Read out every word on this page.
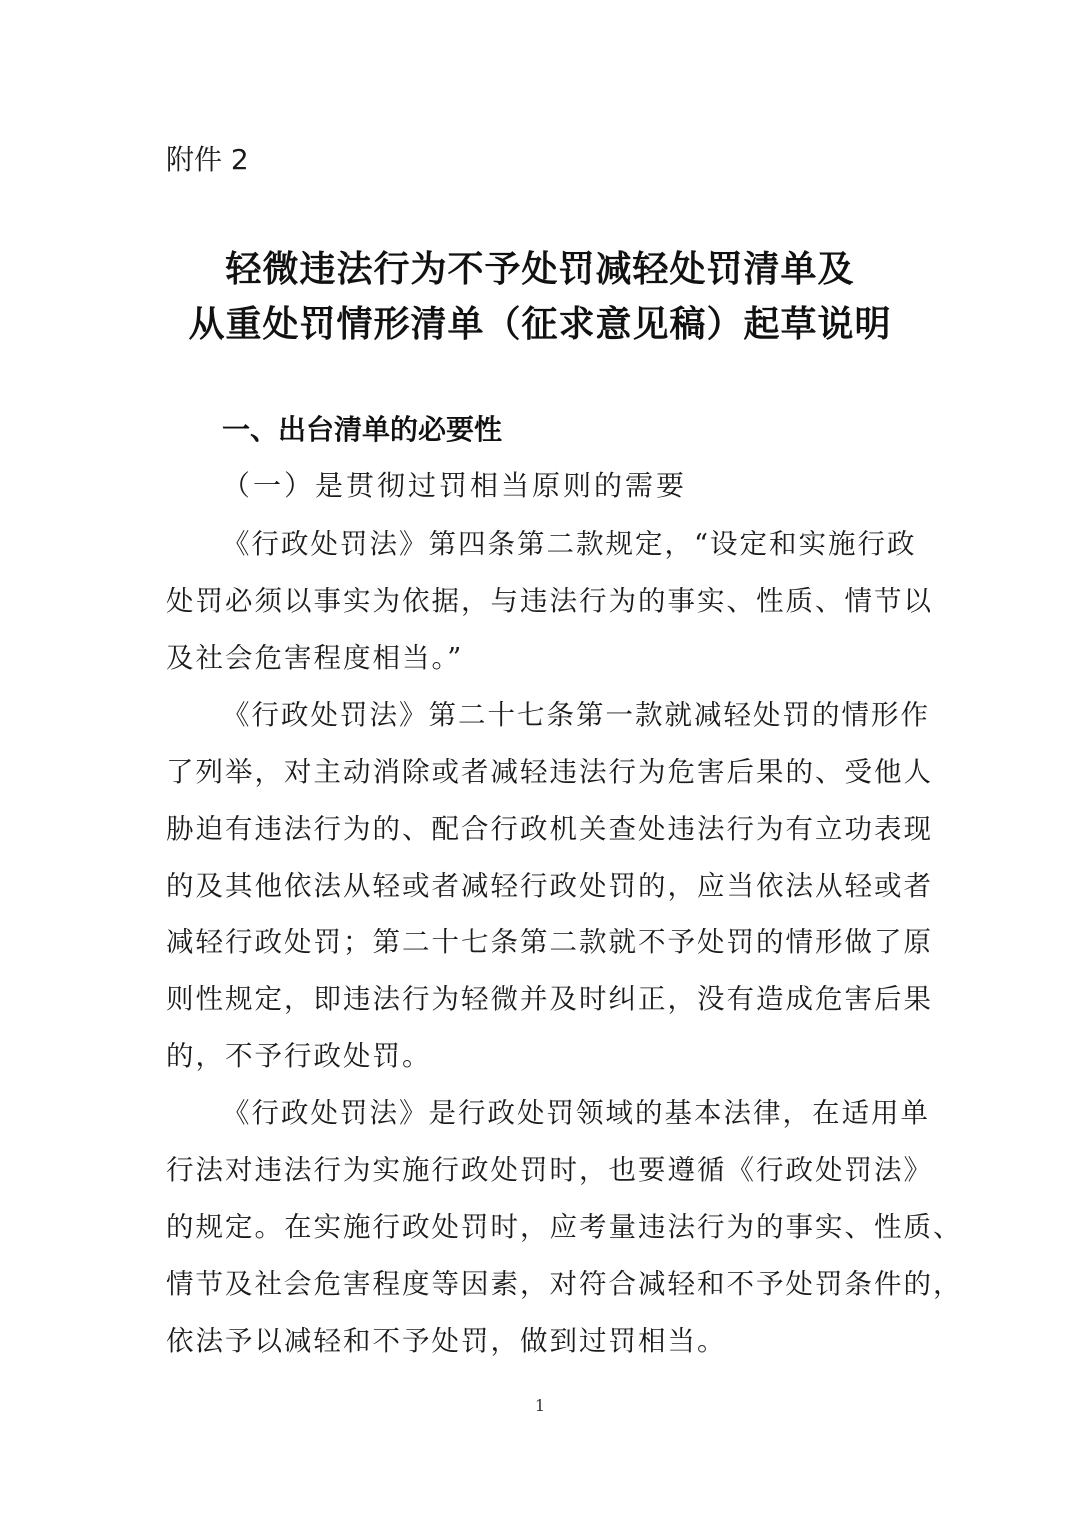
附件 2
轻微违法行为不予处罚减轻处罚清单及
从重处罚情形清单（征求意见稿）起草说明
一、出台清单的必要性
（一）是贯彻过罚相当原则的需要
《行政处罚法》第四条第二款规定，“设定和实施行政
处罚必须以事实为依据，与违法行为的事实、性质、情节以
及社会危害程度相当。”
《行政处罚法》第二十七条第一款就减轻处罚的情形作
了列举，对主动消除或者减轻违法行为危害后果的、受他人
胁迫有违法行为的、配合行政机关查处违法行为有立功表现
的及其他依法从轻或者减轻行政处罚的，应当依法从轻或者
减轻行政处罚；第二十七条第二款就不予处罚的情形做了原
则性规定，即违法行为轻微并及时纠正，没有造成危害后果
的，不予行政处罚。
《行政处罚法》是行政处罚领域的基本法律，在适用单
行法对违法行为实施行政处罚时，也要遵循《行政处罚法》
的规定。在实施行政处罚时，应考量违法行为的事实、性质、
情节及社会危害程度等因素，对符合减轻和不予处罚条件的，
依法予以减轻和不予处罚，做到过罚相当。
1
